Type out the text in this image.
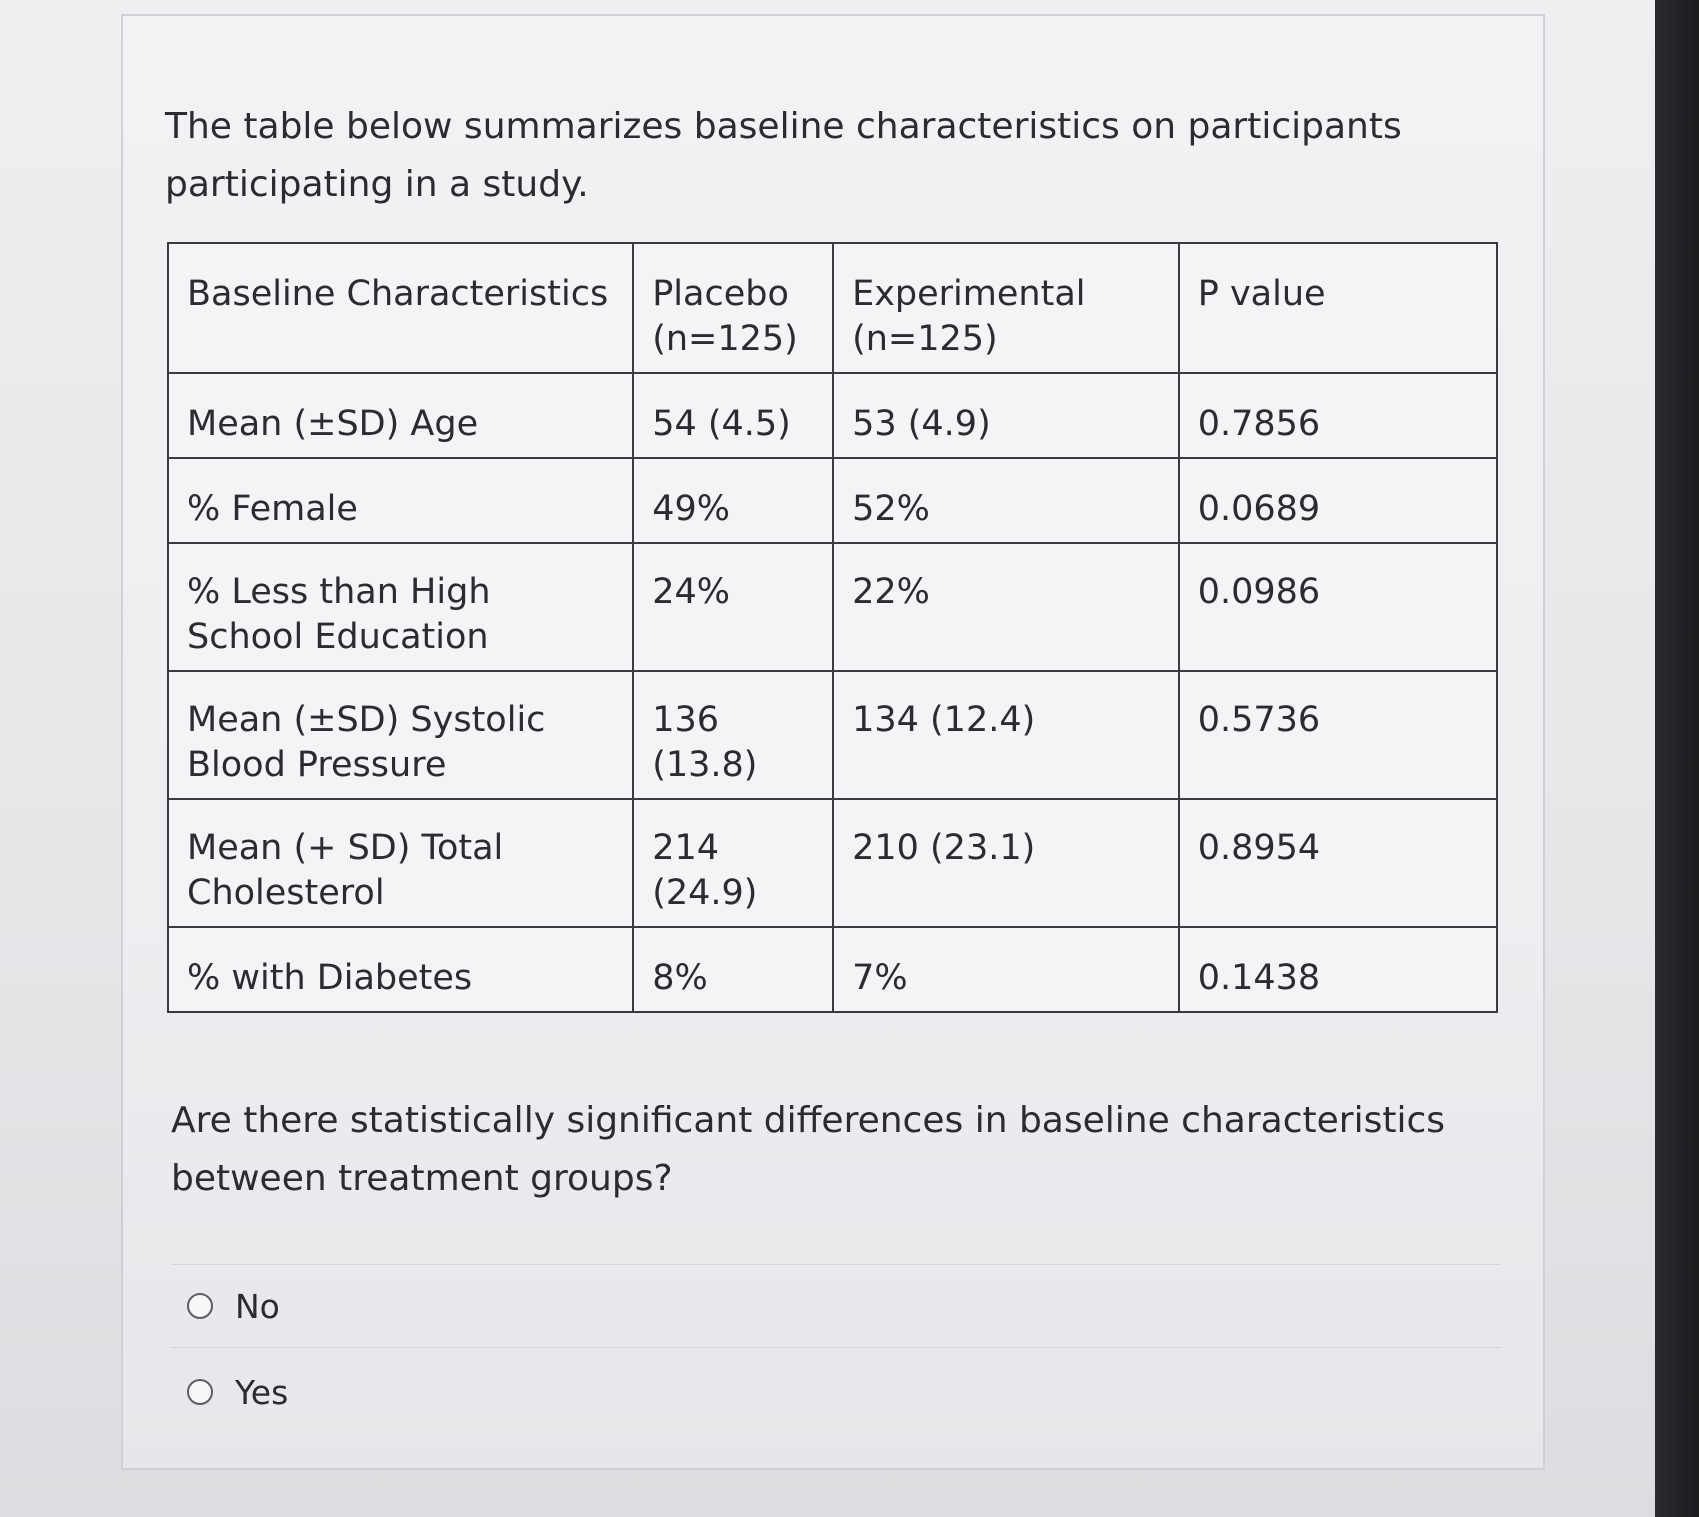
The table below summarizes baseline characteristics on participants participating in a study.

Baseline Characteristics	Placebo (n=125)	Experimental (n=125)	P value
Mean (±SD) Age	54 (4.5)	53 (4.9)	0.7856
% Female	49%	52%	0.0689
% Less than High School Education	24%	22%	0.0986
Mean (±SD) Systolic Blood Pressure	136 (13.8)	134 (12.4)	0.5736
Mean (+ SD) Total Cholesterol	214 (24.9)	210 (23.1)	0.8954
% with Diabetes	8%	7%	0.1438

Are there statistically significant differences in baseline characteristics between treatment groups?

No
Yes
